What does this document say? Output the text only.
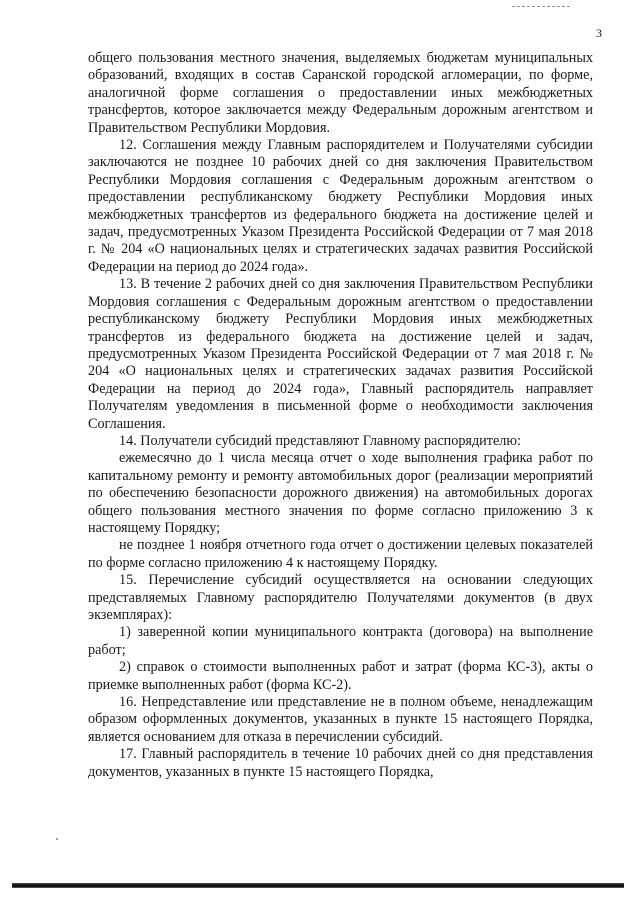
3

общего пользования местного значения, выделяемых бюджетам муниципальных образований, входящих в состав Саранской городской агломерации, по форме, аналогичной форме соглашения о предоставлении иных межбюджетных трансфертов, которое заключается между Федеральным дорожным агентством и Правительством Республики Мордовия.

12. Соглашения между Главным распорядителем и Получателями субсидии заключаются не позднее 10 рабочих дней со дня заключения Правительством Республики Мордовия соглашения с Федеральным дорожным агентством о предоставлении республиканскому бюджету Республики Мордовия иных межбюджетных трансфертов из федерального бюджета на достижение целей и задач, предусмотренных Указом Президента Российской Федерации от 7 мая 2018 г. № 204 «О национальных целях и стратегических задачах развития Российской Федерации на период до 2024 года».

13. В течение 2 рабочих дней со дня заключения Правительством Республики Мордовия соглашения с Федеральным дорожным агентством о предоставлении республиканскому бюджету Республики Мордовия иных межбюджетных трансфертов из федерального бюджета на достижение целей и задач, предусмотренных Указом Президента Российской Федерации от 7 мая 2018 г. № 204 «О национальных целях и стратегических задачах развития Российской Федерации на период до 2024 года», Главный распорядитель направляет Получателям уведомления в письменной форме о необходимости заключения Соглашения.

14. Получатели субсидий представляют Главному распорядителю:

ежемесячно до 1 числа месяца отчет о ходе выполнения графика работ по капитальному ремонту и ремонту автомобильных дорог (реализации мероприятий по обеспечению безопасности дорожного движения) на автомобильных дорогах общего пользования местного значения по форме согласно приложению 3 к настоящему Порядку;

не позднее 1 ноября отчетного года отчет о достижении целевых показателей по форме согласно приложению 4 к настоящему Порядку.

15. Перечисление субсидий осуществляется на основании следующих представляемых Главному распорядителю Получателями документов (в двух экземплярах):

1) заверенной копии муниципального контракта (договора) на выполнение работ;

2) справок о стоимости выполненных работ и затрат (форма КС-3), акты о приемке выполненных работ (форма КС-2).

16. Непредставление или представление не в полном объеме, ненадлежащим образом оформленных документов, указанных в пункте 15 настоящего Порядка, является основанием для отказа в перечислении субсидий.

17. Главный распорядитель в течение 10 рабочих дней со дня представления документов, указанных в пункте 15 настоящего Порядка,
